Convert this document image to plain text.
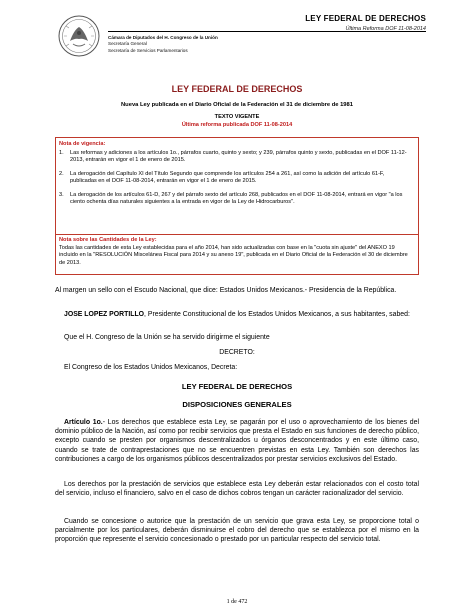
LEY FEDERAL DE DERECHOS
Última Reforma DOF 11-08-2014
Cámara de Diputados del H. Congreso de la Unión
Secretaría General
Secretaría de Servicios Parlamentarios
LEY FEDERAL DE DERECHOS
Nueva Ley publicada en el Diario Oficial de la Federación el 31 de diciembre de 1981
TEXTO VIGENTE
Última reforma publicada DOF 11-08-2014
Nota de vigencia:
1. Las reformas y adiciones a los artículos 1o., párrafos cuarto, quinto y sexto; y 239, párrafos quinto y sexto, publicadas en el DOF 11-12-2013, entrarán en vigor el 1 de enero de 2015.
2. La derogación del Capítulo XI del Título Segundo que comprende los artículos 254 a 261, así como la adición del artículo 61-F, publicadas en el DOF 11-08-2014, entrarán en vigor el 1 de enero de 2015.
3. La derogación de los artículos 61-D, 267 y del párrafo sexto del artículo 268, publicados en el DOF 11-08-2014, entrará en vigor "a los ciento ochenta días naturales siguientes a la entrada en vigor de la Ley de Hidrocarburos".
Nota sobre las Cantidades de la Ley:
Todas las cantidades de esta Ley establecidas para el año 2014, han sido actualizadas con base en la "cuota sin ajuste" del ANEXO 19 incluido en la "RESOLUCIÓN Miscelánea Fiscal para 2014 y su anexo 19", publicada en el Diario Oficial de la Federación el 30 de diciembre de 2013.
Al margen un sello con el Escudo Nacional, que dice: Estados Unidos Mexicanos.- Presidencia de la República.
JOSE LOPEZ PORTILLO, Presidente Constitucional de los Estados Unidos Mexicanos, a sus habitantes, sabed:
Que el H. Congreso de la Unión se ha servido dirigirme el siguiente
DECRETO:
El Congreso de los Estados Unidos Mexicanos, Decreta:
LEY FEDERAL DE DERECHOS
DISPOSICIONES GENERALES
Artículo 1o.- Los derechos que establece esta Ley, se pagarán por el uso o aprovechamiento de los bienes del dominio público de la Nación, así como por recibir servicios que presta el Estado en sus funciones de derecho público, excepto cuando se presten por organismos descentralizados u órganos desconcentrados y en este último caso, cuando se trate de contraprestaciones que no se encuentren previstas en esta Ley. También son derechos las contribuciones a cargo de los organismos públicos descentralizados por prestar servicios exclusivos del Estado.
Los derechos por la prestación de servicios que establece esta Ley deberán estar relacionados con el costo total del servicio, incluso el financiero, salvo en el caso de dichos cobros tengan un carácter racionalizador del servicio.
Cuando se concesione o autorice que la prestación de un servicio que grava esta Ley, se proporcione total o parcialmente por los particulares, deberán disminuirse el cobro del derecho que se establezca por el mismo en la proporción que represente el servicio concesionado o prestado por un particular respecto del servicio total.
1 de 472
